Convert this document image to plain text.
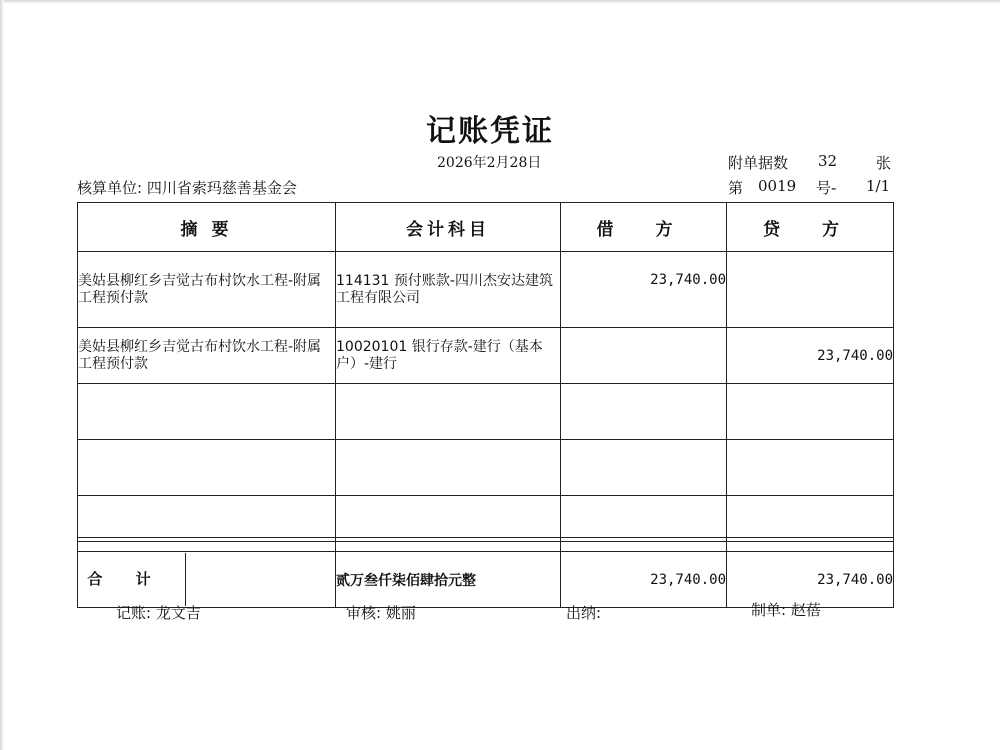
记账凭证
2026年2月28日	附单据数 32	张
核算单位: 四川省索玛慈善基金会	第 0019 号- 1/1
摘 要	会计科目	借 方	贷 方
美姑县柳红乡吉觉古布村饮水工程-附属工程预付款	114131 预付账款-四川杰安达建筑工程有限公司	23,740.00	
美姑县柳红乡吉觉古布村饮水工程-附属工程预付款	10020101 银行存款-建行（基本户）-建行		23,740.00

合 计	贰万叁仟柒佰肆拾元整	23,740.00	23,740.00
记账: 龙文吉	审核: 姚丽	出纳:	制单: 赵蓓
